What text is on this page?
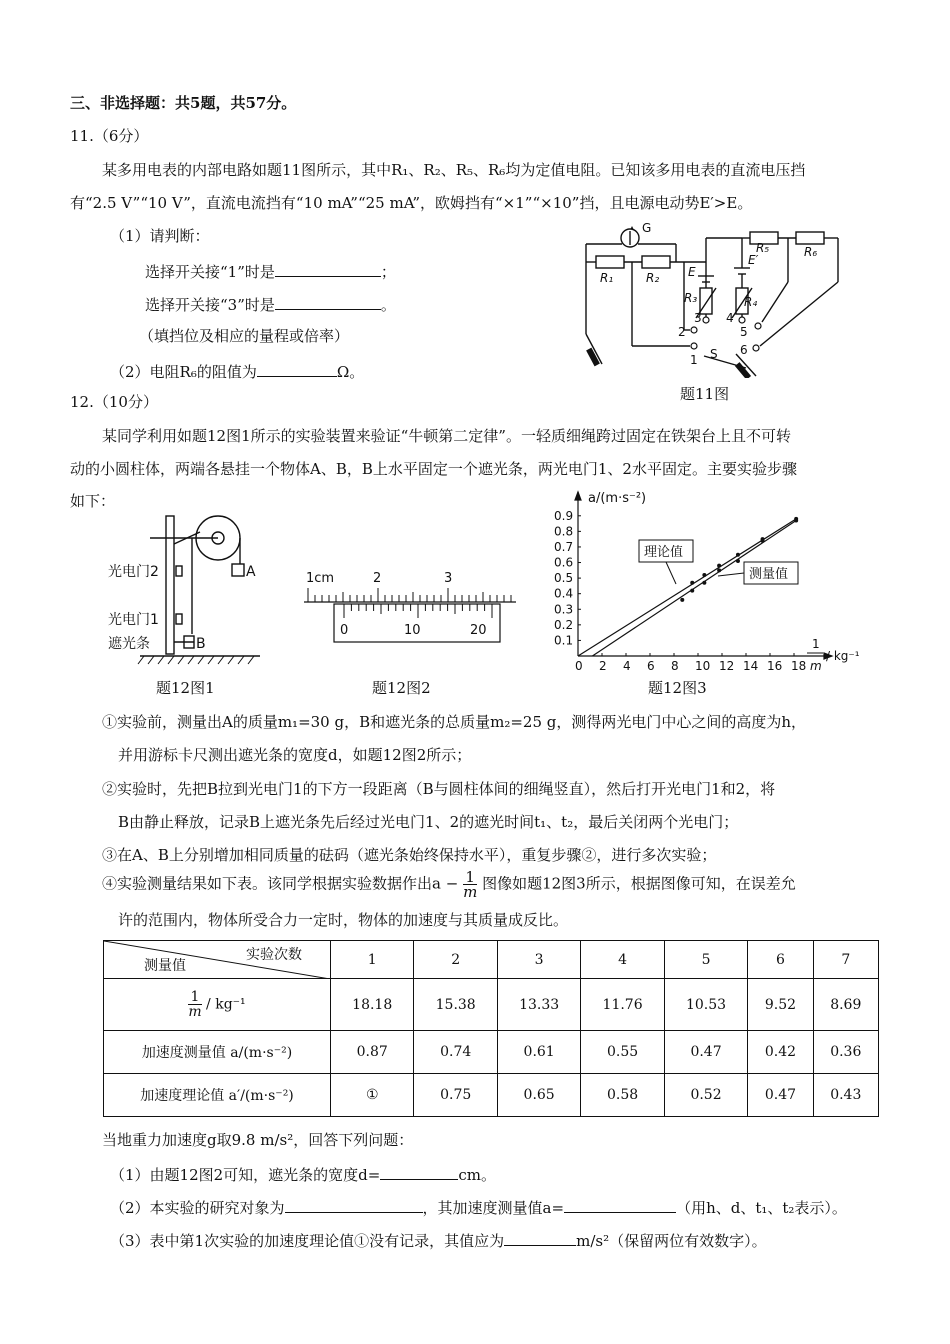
三、非选择题：共5题，共57分。
11.（6分）
某多用电表的内部电路如题11图所示，其中R₁、R₂、R₅、R₆均为定值电阻。已知该多用电表的直流电压挡
有“2.5 V”“10 V”，直流电流挡有“10 mA”“25 mA”，欧姆挡有“×1”“×10”挡，且电源电动势E′>E。
（1）请判断：
选择开关接“1”时是	；
选择开关接“3”时是	。
（填挡位及相应的量程或倍率）
（2）电阻R₆的阻值为	Ω。
G
R₁	R₂ E
E′
R₃	R₄
R₅	R₆
S
1
2
3 4
5
6
题11图
12.（10分）
某同学利用如题12图1所示的实验装置来验证“牛顿第二定律”。一轻质细绳跨过固定在铁架台上且不可转
动的小圆柱体，两端各悬挂一个物体A、B，B上水平固定一个遮光条，两光电门1、2水平固定。主要实验步骤
如下：
光电门2
光电门1
遮光条
A
B
题12图1
1cm	2	3
0	10	20
题12图2
0 2 4 6 8 10 12 14 16 18
0.1
0.2
0.3
0.4
0.5
0.6
0.7
0.8
0.9
a/(m·s⁻²)
1
m
/ kg⁻¹
理论值
测量值
题12图3
①实验前，测量出A的质量m₁=30 g，B和遮光条的总质量m₂=25 g，测得两光电门中心之间的高度为h，
并用游标卡尺测出遮光条的宽度d，如题12图2所示；
②实验时，先把B拉到光电门1的下方一段距离（B与圆柱体间的细绳竖直），然后打开光电门1和2，将
B由静止释放，记录B上遮光条先后经过光电门1、2的遮光时间t₁、t₂，最后关闭两个光电门；
③在A、B上分别增加相同质量的砝码（遮光条始终保持水平），重复步骤②，进行多次实验；
④实验测量结果如下表。该同学根据实验数据作出$a - \frac{1}{m}$ 图像如题12图3所示，根据图像可知，在误差允
许的范围内，物体所受合力一定时，物体的加速度与其质量成反比。
实验次数
测量值	1	2	3	4	5	6	7

$\frac{1}{m} / kg^{-1}$	18.18	15.38	13.33	11.76	10.53	9.52	8.69
加速度测量值 a/(m·s⁻²)	0.87	0.74	0.61	0.55	0.47	0.42	0.36
加速度理论值 a′/(m·s⁻²)	①	0.75	0.65	0.58	0.52	0.47	0.43
当地重力加速度g取9.8 m/s²，回答下列问题：
（1）由题12图2可知，遮光条的宽度d=	cm。
（2）本实验的研究对象为	，其加速度测量值a=	（用h、d、t₁、t₂表示）。
（3）表中第1次实验的加速度理论值①没有记录，其值应为	m/s²（保留两位有效数字）。
